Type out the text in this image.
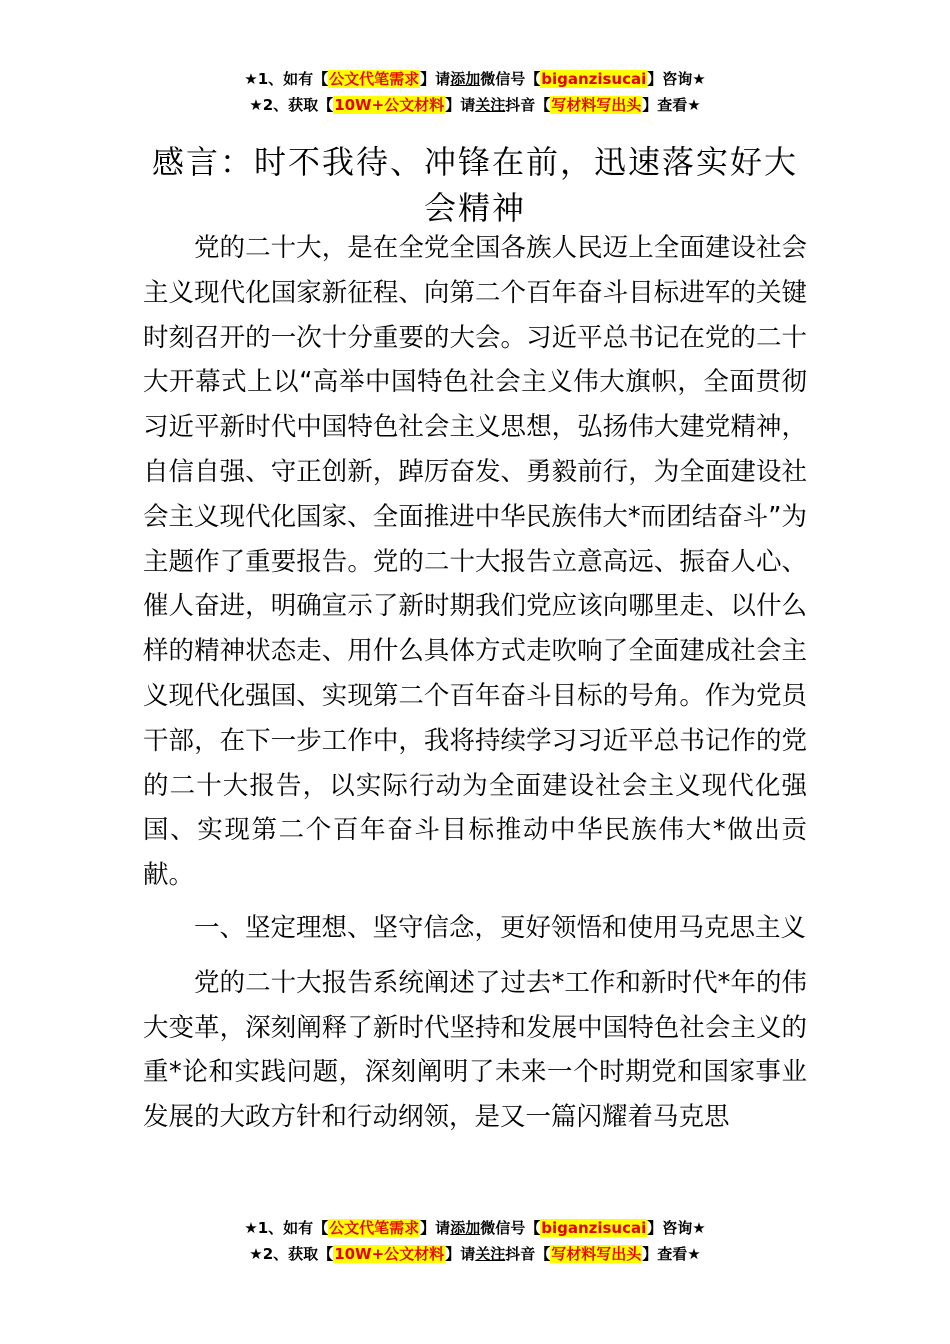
★1、如有【公文代笔需求】请添加微信号【biganzisucai】咨询★
★2、获取【10W+公文材料】请关注抖音【写材料写出头】查看★
感言：时不我待、冲锋在前，迅速落实好大会精神

党的二十大，是在全党全国各族人民迈上全面建设社会主义现代化国家新征程、向第二个百年奋斗目标进军的关键时刻召开的一次十分重要的大会。习近平总书记在党的二十大开幕式上以“高举中国特色社会主义伟大旗帜，全面贯彻习近平新时代中国特色社会主义思想，弘扬伟大建党精神，自信自强、守正创新，踔厉奋发、勇毅前行，为全面建设社会主义现代化国家、全面推进中华民族伟大*而团结奋斗”为主题作了重要报告。党的二十大报告立意高远、振奋人心、催人奋进，明确宣示了新时期我们党应该向哪里走、以什么样的精神状态走、用什么具体方式走吹响了全面建成社会主义现代化强国、实现第二个百年奋斗目标的号角。作为党员干部，在下一步工作中，我将持续学习习近平总书记作的党的二十大报告，以实际行动为全面建设社会主义现代化强国、实现第二个百年奋斗目标推动中华民族伟大*做出贡献。

一、坚定理想、坚守信念，更好领悟和使用马克思主义

党的二十大报告系统阐述了过去*工作和新时代*年的伟大变革，深刻阐释了新时代坚持和发展中国特色社会主义的重*论和实践问题，深刻阐明了未来一个时期党和国家事业发展的大政方针和行动纲领，是又一篇闪耀着马克思

★1、如有【公文代笔需求】请添加微信号【biganzisucai】咨询★
★2、获取【10W+公文材料】请关注抖音【写材料写出头】查看★
